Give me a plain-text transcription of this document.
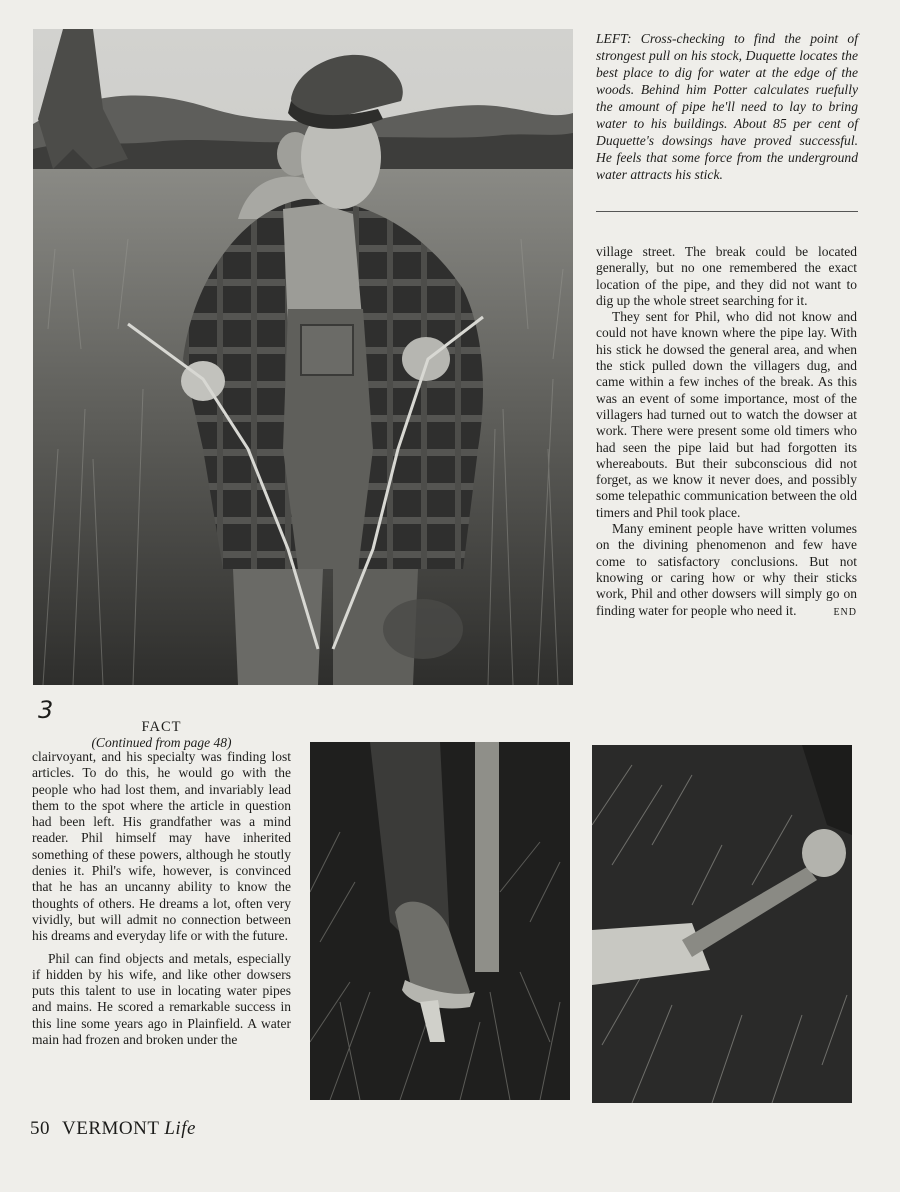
LEFT: Cross-checking to find the point of strongest pull on his stock, Duquette locates the best place to dig for water at the edge of the woods. Behind him Potter calculates ruefully the amount of pipe he'll need to lay to bring water to his buildings. About 85 per cent of Duquette's dowsings have proved successful. He feels that some force from the underground water attracts his stick.

village street. The break could be located generally, but no one remembered the exact location of the pipe, and they did not want to dig up the whole street searching for it.

They sent for Phil, who did not know and could not have known where the pipe lay. With his stick he dowsed the general area, and when the stick pulled down the villagers dug, and came within a few inches of the break. As this was an event of some importance, most of the villagers had turned out to watch the dowser at work. There were present some old timers who had seen the pipe laid but had forgotten its whereabouts. But their subconscious did not forget, as we know it never does, and possibly some telepathic communication between the old timers and Phil took place.

Many eminent people have written volumes on the divining phenomenon and few have come to satisfactory conclusions. But not knowing or caring how or why their sticks work, Phil and other dowsers will simply go on finding water for people who need it.	END

3
FACT
(Continued from page 48)

clairvoyant, and his specialty was finding lost articles. To do this, he would go with the people who had lost them, and invariably lead them to the spot where the article in question had been left. His grandfather was a mind reader. Phil himself may have inherited something of these powers, although he stoutly denies it. Phil's wife, however, is convinced that he has an uncanny ability to know the thoughts of others. He dreams a lot, often very vividly, but will admit no connection between his dreams and everyday life or with the future.

Phil can find objects and metals, especially if hidden by his wife, and like other dowsers puts this talent to use in locating water pipes and mains. He scored a remarkable success in this line some years ago in Plainfield. A water main had frozen and broken under the

50 VERMONT Life
